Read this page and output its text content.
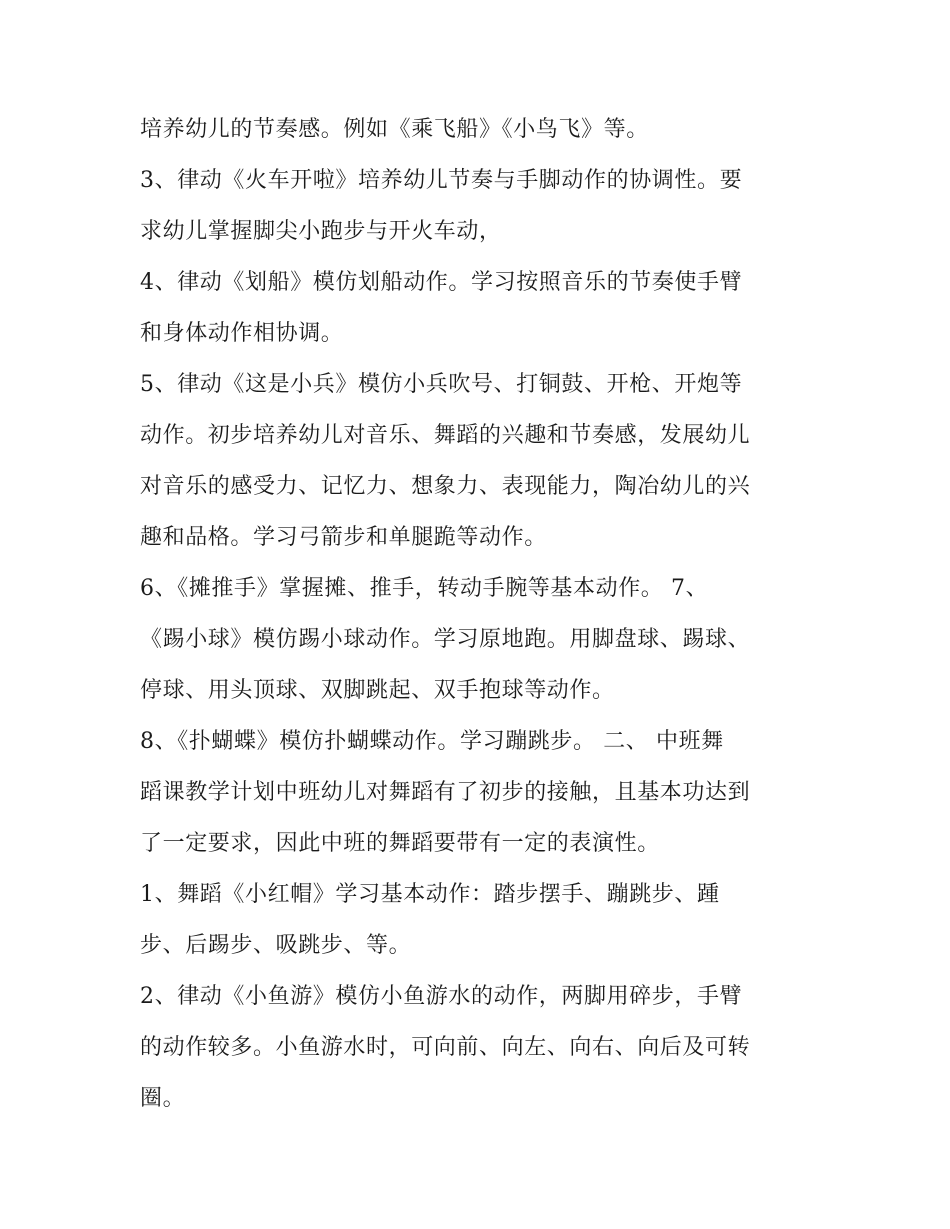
培养幼儿的节奏感。例如《乘飞船》《小鸟飞》等。
3、律动《火车开啦》培养幼儿节奏与手脚动作的协调性。要
求幼儿掌握脚尖小跑步与开火车动，
4、律动《划船》模仿划船动作。学习按照音乐的节奏使手臂
和身体动作相协调。
5、律动《这是小兵》模仿小兵吹号、打铜鼓、开枪、开炮等
动作。初步培养幼儿对音乐、舞蹈的兴趣和节奏感，发展幼儿
对音乐的感受力、记忆力、想象力、表现能力，陶冶幼儿的兴
趣和品格。学习弓箭步和单腿跪等动作。
6、《摊推手》掌握摊、推手，转动手腕等基本动作。 7、
《踢小球》模仿踢小球动作。学习原地跑。用脚盘球、踢球、
停球、用头顶球、双脚跳起、双手抱球等动作。
8、《扑蝴蝶》模仿扑蝴蝶动作。学习蹦跳步。 二、 中班舞
蹈课教学计划中班幼儿对舞蹈有了初步的接触，且基本功达到
了一定要求，因此中班的舞蹈要带有一定的表演性。
1、舞蹈《小红帽》学习基本动作：踏步摆手、蹦跳步、踵
步、后踢步、吸跳步、等。
2、律动《小鱼游》模仿小鱼游水的动作，两脚用碎步，手臂
的动作较多。小鱼游水时，可向前、向左、向右、向后及可转
圈。
